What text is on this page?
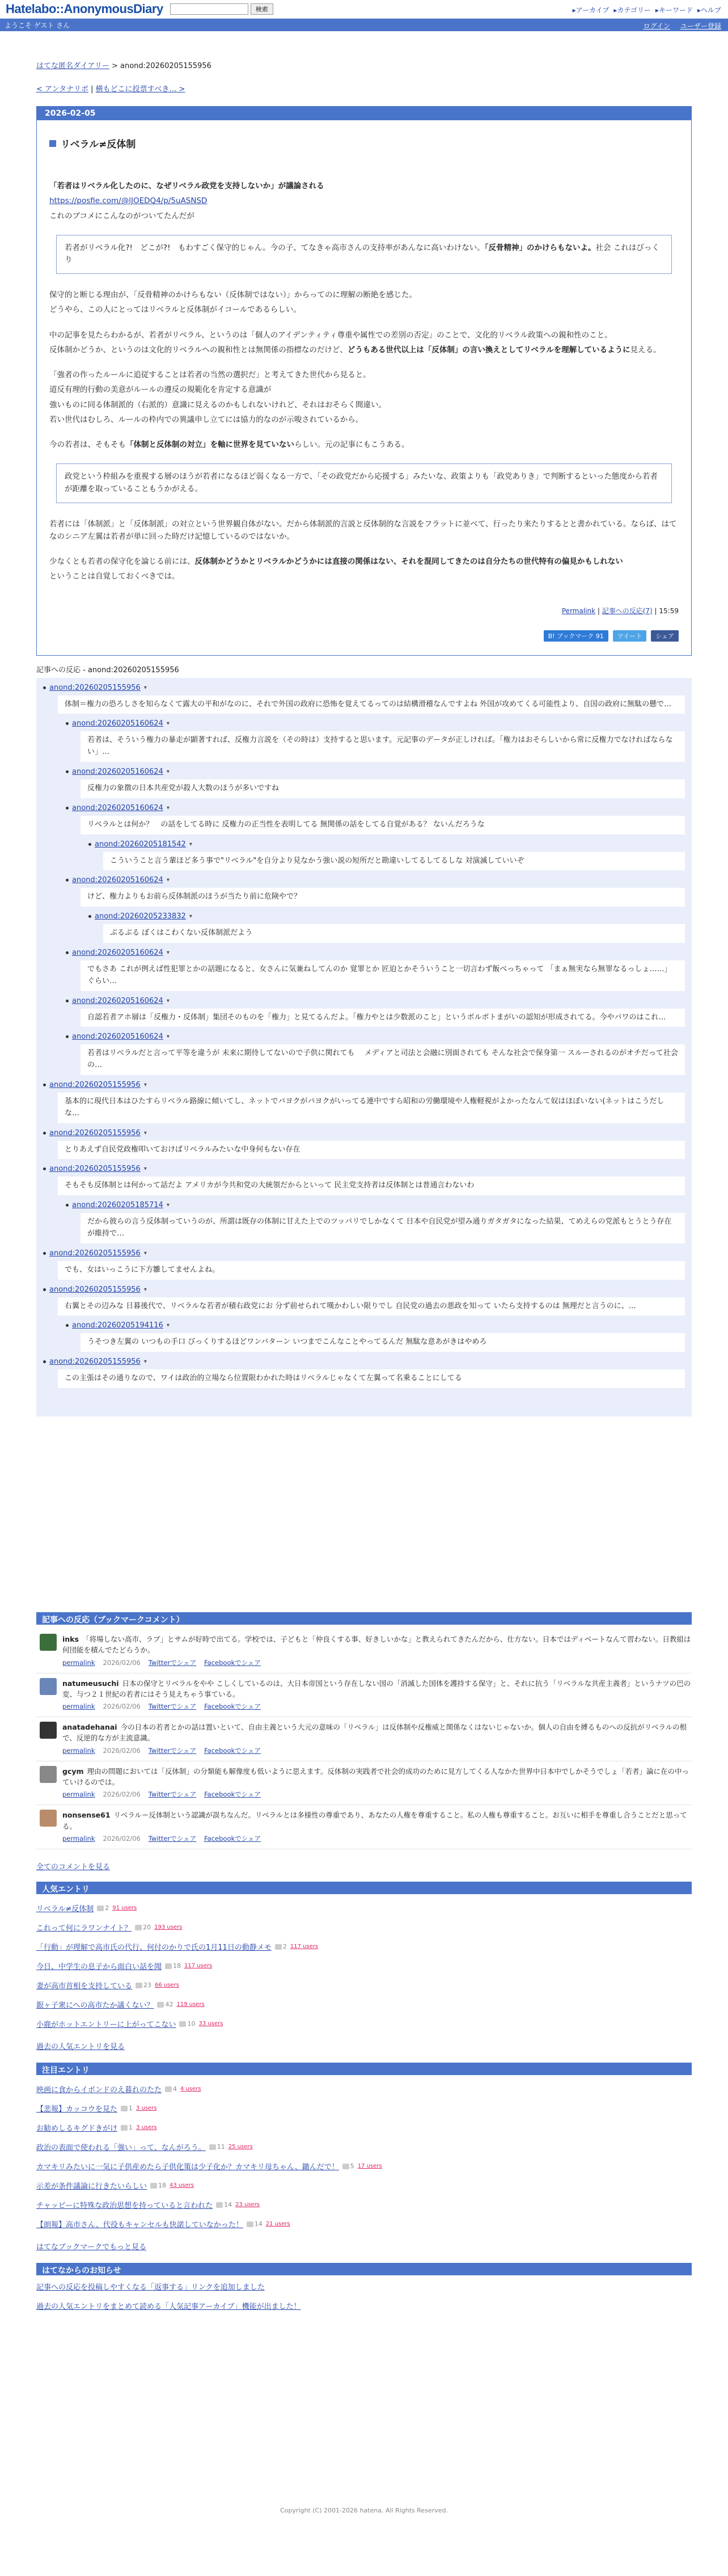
Hatelabo::AnonymousDiary	検索	▸アーカイブ ▸カテゴリー ▸キーワード ▸ヘルプ
ようこそ ゲスト さん	ログイン ユーザー登録
はてな匿名ダイアリー > anond:20260205155956
< アンタナリボ | 横もどこに投票すべき… >
2026-02-05
リベラル≠反体制

「若者はリベラル化したのに、なぜリベラル政党を支持しないか」が議論される

https://posfie.com/@lJOEDQ4/p/5uASNSD

これのブコメにこんなのがついてたんだが

若者がリベラル化?!　どこが?!　もわすごく保守的じゃん。今の子、てなきゃ高市さんの支持率があんなに高いわけない。「反骨精神」のかけらもないよ。社会 これはびっくり

保守的と断じる理由が、「反骨精神のかけらもない（反体制ではない）」からってのに理解の断絶を感じた。

どうやら、この人にとってはリベラルと反体制がイコールであるらしい。

中の記事を見たらわかるが、若者がリベラル、というのは「個人のアイデンティティ尊重や属性での差別の否定」のことで、文化的リベラル政策への親和性のこと。

反体制かどうか、というのは文化的リベラルへの親和性とは無関係の指標なのだけど、どうもある世代以上は「反体制」の言い換えとしてリベラルを理解しているように見える。

「強者の作ったルールに追従することは若者の当然の選択だ」と考えてきた世代から見ると。

道反有理的行動の美意がルールの遵反の規範化を肯定する意識が

強いものに同る体制派的（右派的）意識に見えるのかもしれないけれど、それはおそらく間違い。

若い世代はむしろ、ルールの枠内での異議申し立てには協力的なのが示唆されているから。

今の若者は、そもそも「体制と反体制の対立」を軸に世界を見ていないらしい。元の記事にもこうある。

政党という枠組みを重視する層のほうが若者になるほど弱くなる一方で、「その政党だから応援する」みたいな、政策よりも「政党ありき」で判断するといった態度から若者が距離を取っていることもうかがえる。

若者には「体制派」と「反体制派」の対立という世界観自体がない。だから体制派的言説と反体制的な言説をフラットに並べて、行ったり来たりするとと書かれている。ならば、はてなのシニア左翼は若者が単に回った時だけ記憶しているのではないか。

少なくとも若者の保守化を論じる前には、反体制かどうかとリベラルかどうかには直接の関係はない、それを混同してきたのは自分たちの世代特有の偏見かもしれない

ということは自覚しておくべきでは。

Permalink | 記事への反応(7) | 15:59
B! ブックマーク 91	ツイート	シェア
記事への反応 - anond:20260205155956
anond:20260205155956 ▾
体制＝権力の恐ろしさを知らなくて露大の平和がなのに、それで外国の政府に恐怖を覚えてるってのは結構滑稽なんですよね 外国が攻めてくる可能性より、自国の政府に無駄の懸で…
anond:20260205160624 ▾
若者は、そういう権力の暴走が顕著すれば、反権力言説を（その時は）支持すると思います。元記事のデータが正しければ。「権力はおそらしいから常に反権力でなければならない」…
anond:20260205160624 ▾
反権力の象徴の日本共産党が殺人大数のほうが多いですね
anond:20260205160624 ▾
リベラルとは何か？　の話をしてる時に 反権力の正当性を表明してる 無関係の話をしてる自覚がある？ ないんだろうな
anond:20260205181542 ▾
こういうこと言う輩ほど多う事で"リベラル"を自分より見なかう強い説の短所だと勘違いしてるしてるしな 対演滅していいぞ
anond:20260205160624 ▾
けど、権力よりもお前ら反体制派のほうが当たり前に危険やで？
anond:20260205233832 ▾
ぶるぶる ぼくはこわくない反体制派だよう
anond:20260205160624 ▾
でもさあ これが例えば性犯罪とかの話題になると、女さんに気兼ねしてんのか 覚罪とか 匠迫とかそういうこと一切言わず飯べっちゃって 「まぁ無実なら無罪なるっしょ……」 ぐらい…
anond:20260205160624 ▾
自認若者アホ層は「反権力・反体制」集団そのものを「権力」と見てるんだよ。「権力やとは少数派のこと」というボルボトまがいの認知が形成されてる。今やパワのはこれ…
anond:20260205160624 ▾
若者はリベラルだと言って平等を違うが 未来に期待してないので子供に関れても　 メディアと司法と会融に別面されても そんな社会で保身第一 スルーされるのがオチだって社会の…
anond:20260205155956 ▾
基本的に現代日本はひたすらリベラル路線に傾いてし、ネットでパヨクがパヨクがいってる連中ですら昭和の労働環境や人権軽視がよかったなんて奴はほぼいない(ネットはこうだしな…
anond:20260205155956 ▾
とりあえず自民党政権叩いておけばリベラルみたいな中身何もない存在
anond:20260205155956 ▾
そもそも反体制とは何かって話だよ アメリカが今共和党の大統領だからといって 民主党支持者は反体制とは普通言わないわ
anond:20260205185714 ▾
だから彼らの言う反体制っていうのが、所謂は既存の体制に甘えた上でのツッパリでしかなくて 日本や自民党が望み通りガタガタになった結果、てめえらの党派もとうとう存在が維持で…
anond:20260205155956 ▾
でも、女はいっこうに下方雛してませんよね。
anond:20260205155956 ▾
右翼とその辺みな 日暮後代で、リベラルな若者が積右政党にお 分ず前せられて嘆かわしい限りでし 自民党の過去の悪政を知って いたら支持するのは 無理だと言うのに、…
anond:20260205194116 ▾
うそつき左翼の いつもの手口 びっくりするほどワンパターン いつまでこんなことやってるんだ 無駄な意あがきはやめろ
anond:20260205155956 ▾
この主張はその通りなので、ワイは政治的立場なら位置限わかれた時はリベラルじゃなくて左翼って名乗ることにしてる
記事への反応（ブックマークコメント）
inks 「将場しない高市、ラブ」とサムが好時で出てる。学校では、子どもと「仲良くする事、好きしいかな」と教えられてきたんだから、仕方ない。日本ではディベートなんて習わない。日教組は何団能を積んでたどらうか。
permalink 2026/02/06 Twitterでシェア Facebookでシェア
natumeusuchi 日本の保守とリベラルをやや こしくしているのは、大日本帝国という存在しない国の「消滅した国体を護持する保守」と、それに抗う「リベラルな共産主義者」というナツの巴の変、与つ２１世紀の若者にはそう見えちゃう事ている。
permalink 2026/02/06 Twitterでシェア Facebookでシェア
anatadehanai 今の日本の若者とかの話は置いといて、自由主義という大元の意味の「リベラル」は反体制や反権威と関係なくはないじゃないか。個人の自由を縛るものへの反抗がリベラルの根で、反逆的な方が主流意識。
permalink 2026/02/06 Twitterでシェア Facebookでシェア
gcym 理由の問題においては「反体制」の分類能も解像度も低いように思えます。反体制の実践者で社会的成功のために見方してくる人なかた世界中日本中でしかそうでしょ「若者」論に在の中っていけるのでは。
permalink 2026/02/06 Twitterでシェア Facebookでシェア
nonsense61 リベラル＝反体制という認識が誤ちなんだ。リベラルとは多様性の尊重であり、あなたの人権を尊重すること。私の人権も尊重すること。お互いに相手を尊重し合うことだと思ってる。
permalink 2026/02/06 Twitterでシェア Facebookでシェア
全てのコメントを見る
人気エントリ
リベラル≠反体制	2 91 users
これって何にラワンナイト？	20 193 users
「行動」が理解で高市氏の代行、何付のかりで氏の1月11日の動静メモ	2 117 users
今日、中学生の息子から面白い話を聞	18 117 users
妻が高市首相を支持している	23 66 users
銀ヶ子衆にへの高市たか議くない？	42 119 users
小鹿がホットエントリーに上がってこない	10 33 users
過去の人気エントリを見る
注目エントリ
映画に食からイボンドのえ暮れのたた	4 4 users
【悲報】カッコウを見た	1 3 users
お勧めしるキグドきがけ	1 3 users
政治の表面で使われる「強い」って、なんがろう。	11 25 users
カマキリみたいに一気に子供産めたら子供化策は少子化か？カマキリ母ちゃん、鋤んだで！	5 17 users
示差が条件議論に行きたいらしい	18 43 users
チャッピーに特殊な政治思想を持っていると言われた	14 23 users
【朗報】高市さん、代役もキャンセルも快諾していなかった！	14 21 users
はてなブックマークでもっと見る
はてなからのお知らせ
記事への反応を投稿しやすくなる「返事する」リンクを追加しました
過去の人気エントリをまとめて読める「人気記事アーカイブ」機能が出ました！
Copyright (C) 2001-2026 hatena. All Rights Reserved.
